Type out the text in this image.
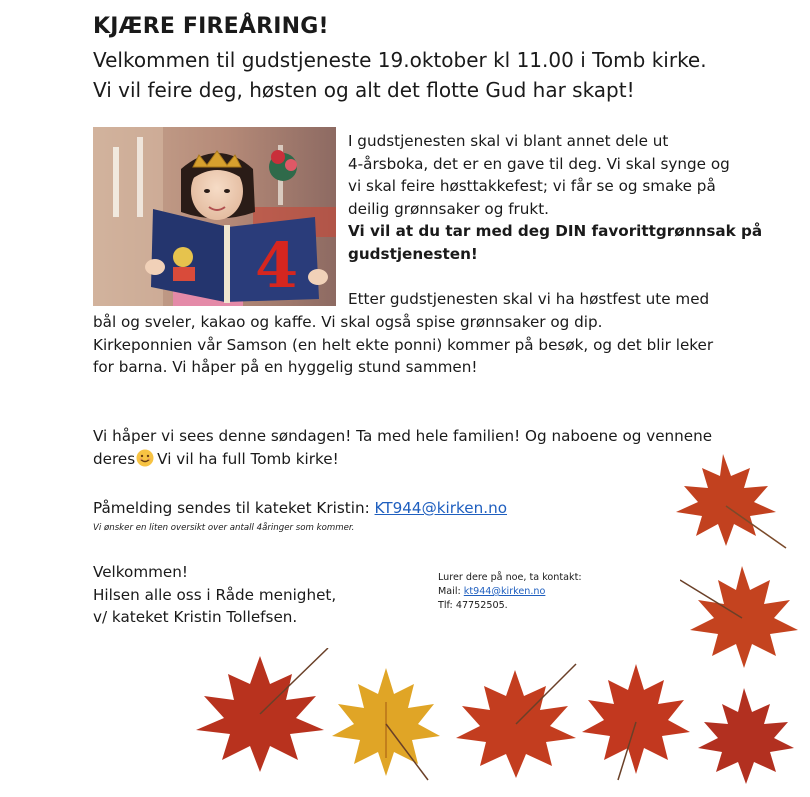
KJÆRE FIREÅRING!
Velkommen til gudstjeneste 19.oktober kl 11.00 i Tomb kirke.
Vi vil feire deg, høsten og alt det flotte Gud har skapt!
4
I gudstjenesten skal vi blant annet dele ut
4-årsboka, det er en gave til deg. Vi skal synge og
vi skal feire høsttakkefest; vi får se og smake på
deilig grønnsaker og frukt.
Vi vil at du tar med deg DIN favorittgrønnsak på
gudstjenesten!
Etter gudstjenesten skal vi ha høstfest ute med
bål og sveler, kakao og kaffe. Vi skal også spise grønnsaker og dip.
Kirkeponnien vår Samson (en helt ekte ponni) kommer på besøk, og det blir leker
for barna. Vi håper på en hyggelig stund sammen!
Vi håper vi sees denne søndagen! Ta med hele familien! Og naboene og vennene
deres Vi vil ha full Tomb kirke!
Påmelding sendes til kateket Kristin: KT944@kirken.no
Vi ønsker en liten oversikt over antall 4åringer som kommer.
Velkommen!
Hilsen alle oss i Råde menighet,
v/ kateket Kristin Tollefsen.
Lurer dere på noe, ta kontakt:
Mail: kt944@kirken.no
Tlf: 47752505.
